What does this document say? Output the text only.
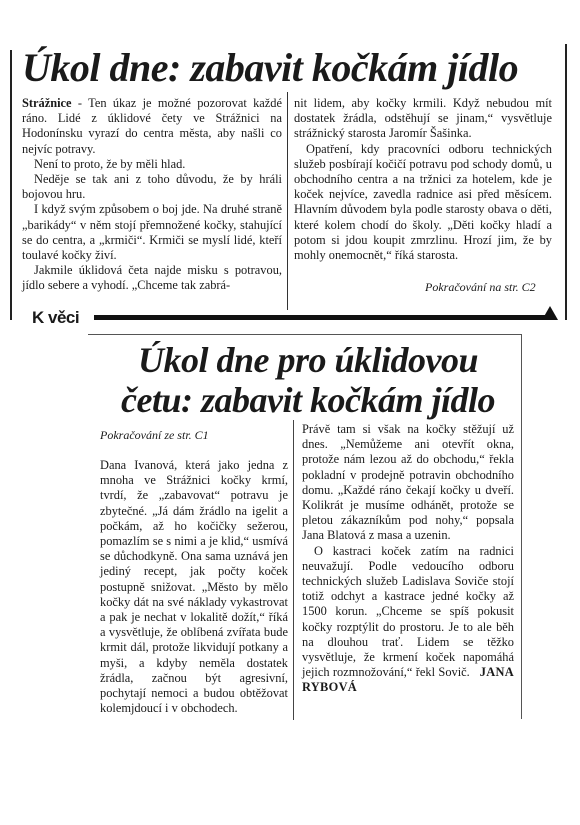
Úkol dne: zabavit kočkám jídlo

Strážnice - Ten úkaz je možné pozorovat každé ráno. Lidé z úklidové čety ve Strážnici na Hodonínsku vyrazí do centra města, aby našli co nejvíc potravy.

Není to proto, že by měli hlad.

Neděje se tak ani z toho důvodu, že by hráli bojovou hru.

I když svým způsobem o boj jde. Na druhé straně „barikády“ v něm stojí přemnožené kočky, stahující se do centra, a „krmiči“. Krmiči se myslí lidé, kteří toulavé kočky živí.

Jakmile úklidová četa najde misku s potravou, jídlo sebere a vyhodí. „Chceme tak zabrá-

nit lidem, aby kočky krmili. Když nebudou mít dostatek žrádla, odstěhují se jinam,“ vysvětluje strážnický starosta Jaromír Šašinka.

Opatření, kdy pracovníci odboru technických služeb posbírají kočičí potravu pod schody domů, u obchodního centra a na tržnici za hotelem, kde je koček nejvíce, zavedla radnice asi před měsícem. Hlavním důvodem byla podle starosty obava o děti, které kolem chodí do školy. „Děti kočky hladí a potom si jdou koupit zmrzlinu. Hrozí jim, že by mohly onemocnět,“ říká starosta.

Pokračování na str. C2
K věci
Úkol dne pro úklidovou četu: zabavit kočkám jídlo
Pokračování ze str. C1

Dana Ivanová, která jako jedna z mnoha ve Strážnici kočky krmí, tvrdí, že „zabavovat“ potravu je zbytečné. „Já dám žrádlo na igelit a počkám, až ho kočičky sežerou, pomazlím se s nimi a je klid,“ usmívá se důchodkyně. Ona sama uznává jen jediný recept, jak počty koček postupně snižovat. „Město by mělo kočky dát na své náklady vykastrovat a pak je nechat v lokalitě dožít,“ říká a vysvětluje, že oblíbená zvířata bude krmit dál, protože likvidují potkany a myši, a kdyby neměla dostatek žrádla, začnou být agresivní, pochytají nemoci a budou obtěžovat kolemjdoucí i v obchodech.

Právě tam si však na kočky stěžují už dnes. „Nemůžeme ani otevřít okna, protože nám lezou až do obchodu,“ řekla pokladní v prodejně potravin obchodního domu. „Každé ráno čekají kočky u dveří. Kolikrát je musíme odhánět, protože se pletou zákazníkům pod nohy,“ popsala Jana Blatová z masa a uzenin.

O kastraci koček zatím na radnici neuvažují. Podle vedoucího odboru technických služeb Ladislava Soviče stojí totiž odchyt a kastrace jedné kočky až 1500 korun. „Chceme se spíš pokusit kočky rozptýlit do prostoru. Je to ale běh na dlouhou trať. Lidem se těžko vysvětluje, že krmení koček napomáhá jejich rozmnožování,“ řekl Sovič. JANA RYBOVÁ
